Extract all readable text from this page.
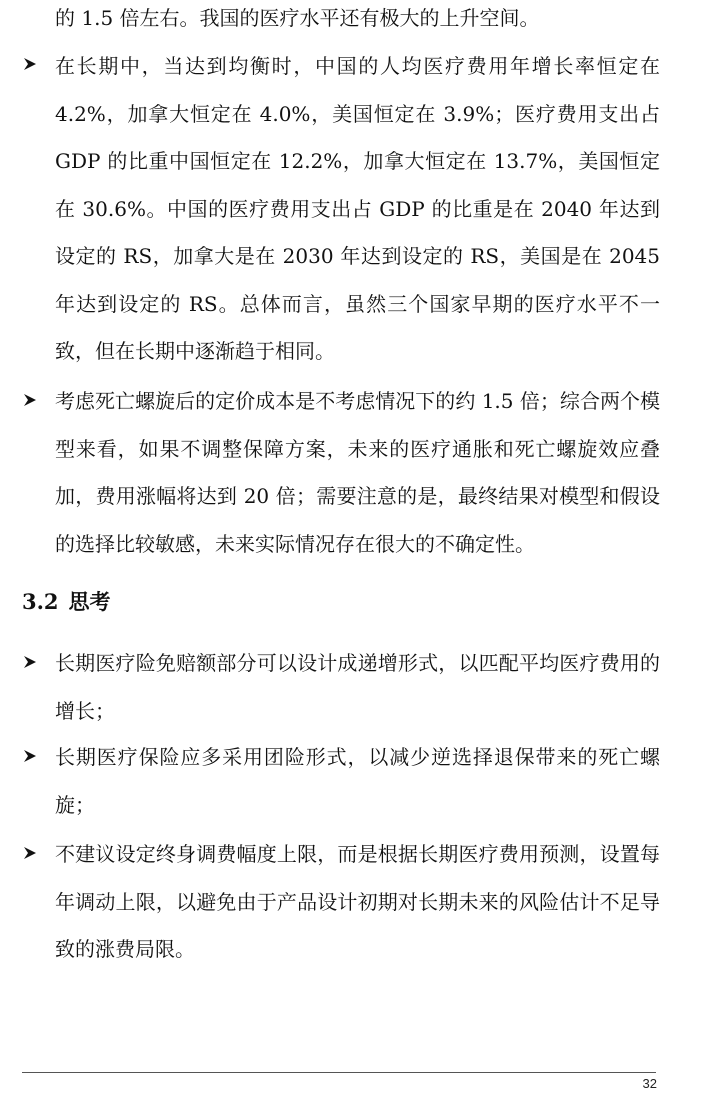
的 1.5 倍左右。我国的医疗水平还有极大的上升空间。

在长期中，当达到均衡时，中国的人均医疗费用年增长率恒定在 4.2%，加拿大恒定在 4.0%，美国恒定在 3.9%；医疗费用支出占 GDP 的比重中国恒定在 12.2%，加拿大恒定在 13.7%，美国恒定在 30.6%。中国的医疗费用支出占 GDP 的比重是在 2040 年达到设定的 RS，加拿大是在 2030 年达到设定的 RS，美国是在 2045 年达到设定的 RS。总体而言，虽然三个国家早期的医疗水平不一致，但在长期中逐渐趋于相同。

考虑死亡螺旋后的定价成本是不考虑情况下的约 1.5 倍；综合两个模型来看，如果不调整保障方案，未来的医疗通胀和死亡螺旋效应叠加，费用涨幅将达到 20 倍；需要注意的是，最终结果对模型和假设的选择比较敏感，未来实际情况存在很大的不确定性。

3.2 思考

长期医疗险免赔额部分可以设计成递增形式，以匹配平均医疗费用的增长；

长期医疗保险应多采用团险形式，以减少逆选择退保带来的死亡螺旋；

不建议设定终身调费幅度上限，而是根据长期医疗费用预测，设置每年调动上限，以避免由于产品设计初期对长期未来的风险估计不足导致的涨费局限。

32
